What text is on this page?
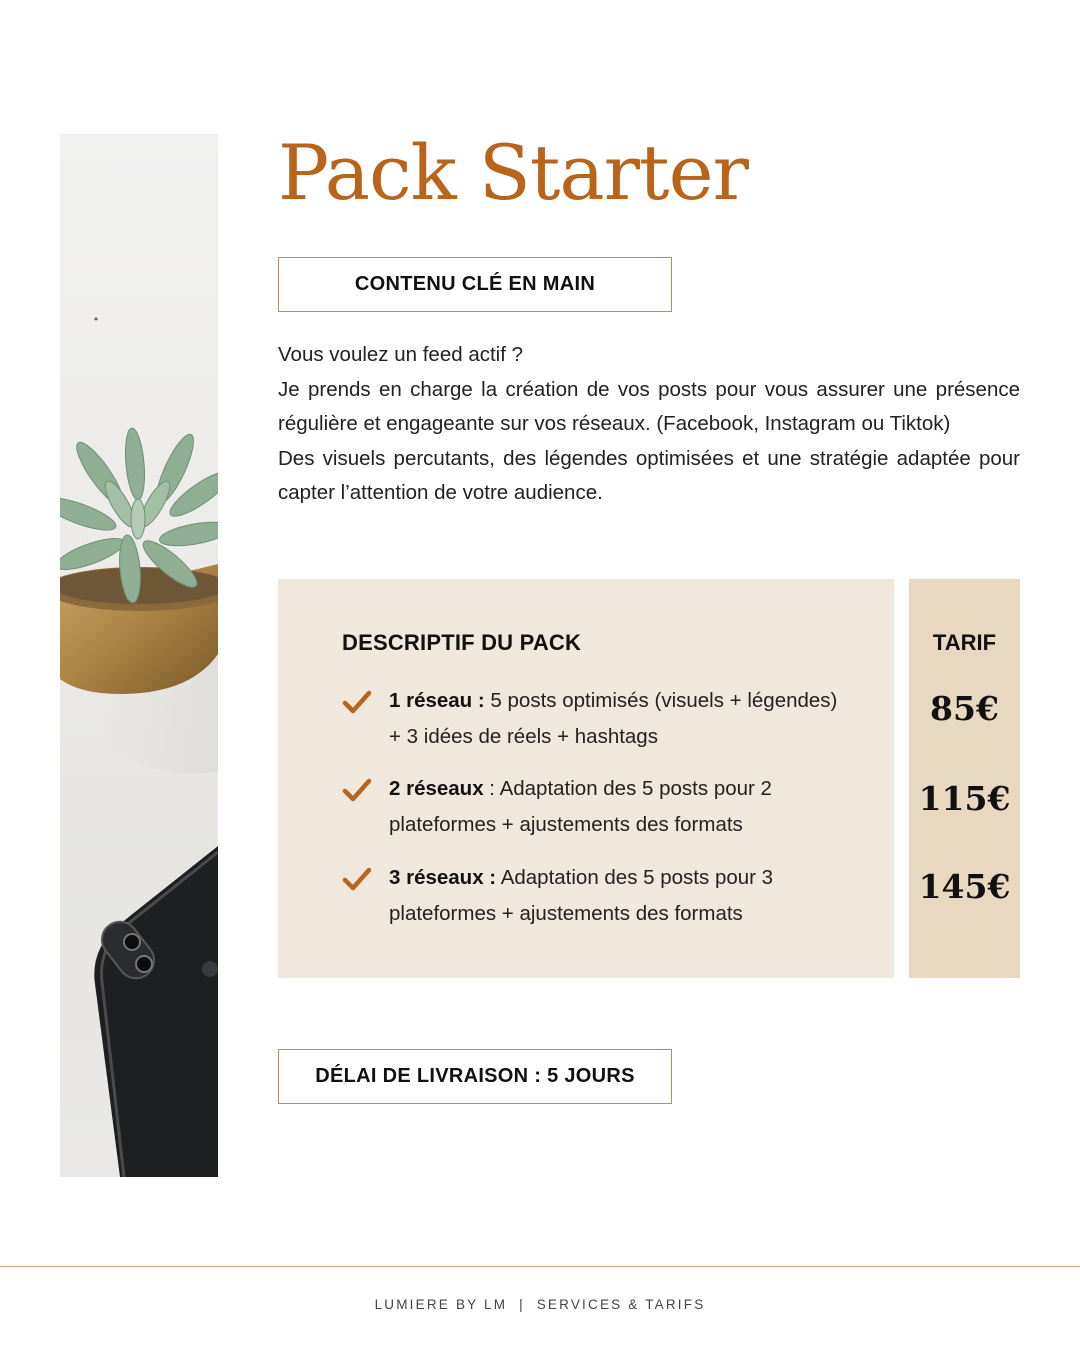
Pack Starter
CONTENU CLÉ EN MAIN

Vous voulez un feed actif ?

Je prends en charge la création de vos posts pour vous assurer une présence régulière et engageante sur vos réseaux. (Facebook, Instagram ou Tiktok)

Des visuels percutants, des légendes optimisées et une stratégie adaptée pour capter l’attention de votre audience.

DESCRIPTIF DU PACK
1 réseau : 5 posts optimisés (visuels + légendes) + 3 idées de réels + hashtags
2 réseaux : Adaptation des 5 posts pour 2 plateformes + ajustements des formats
3 réseaux : Adaptation des 5 posts pour 3 plateformes + ajustements des formats
TARIF
85€
115€
145€
DÉLAI DE LIVRAISON : 5 JOURS
LUMIERE BY LM  |  SERVICES & TARIFS
